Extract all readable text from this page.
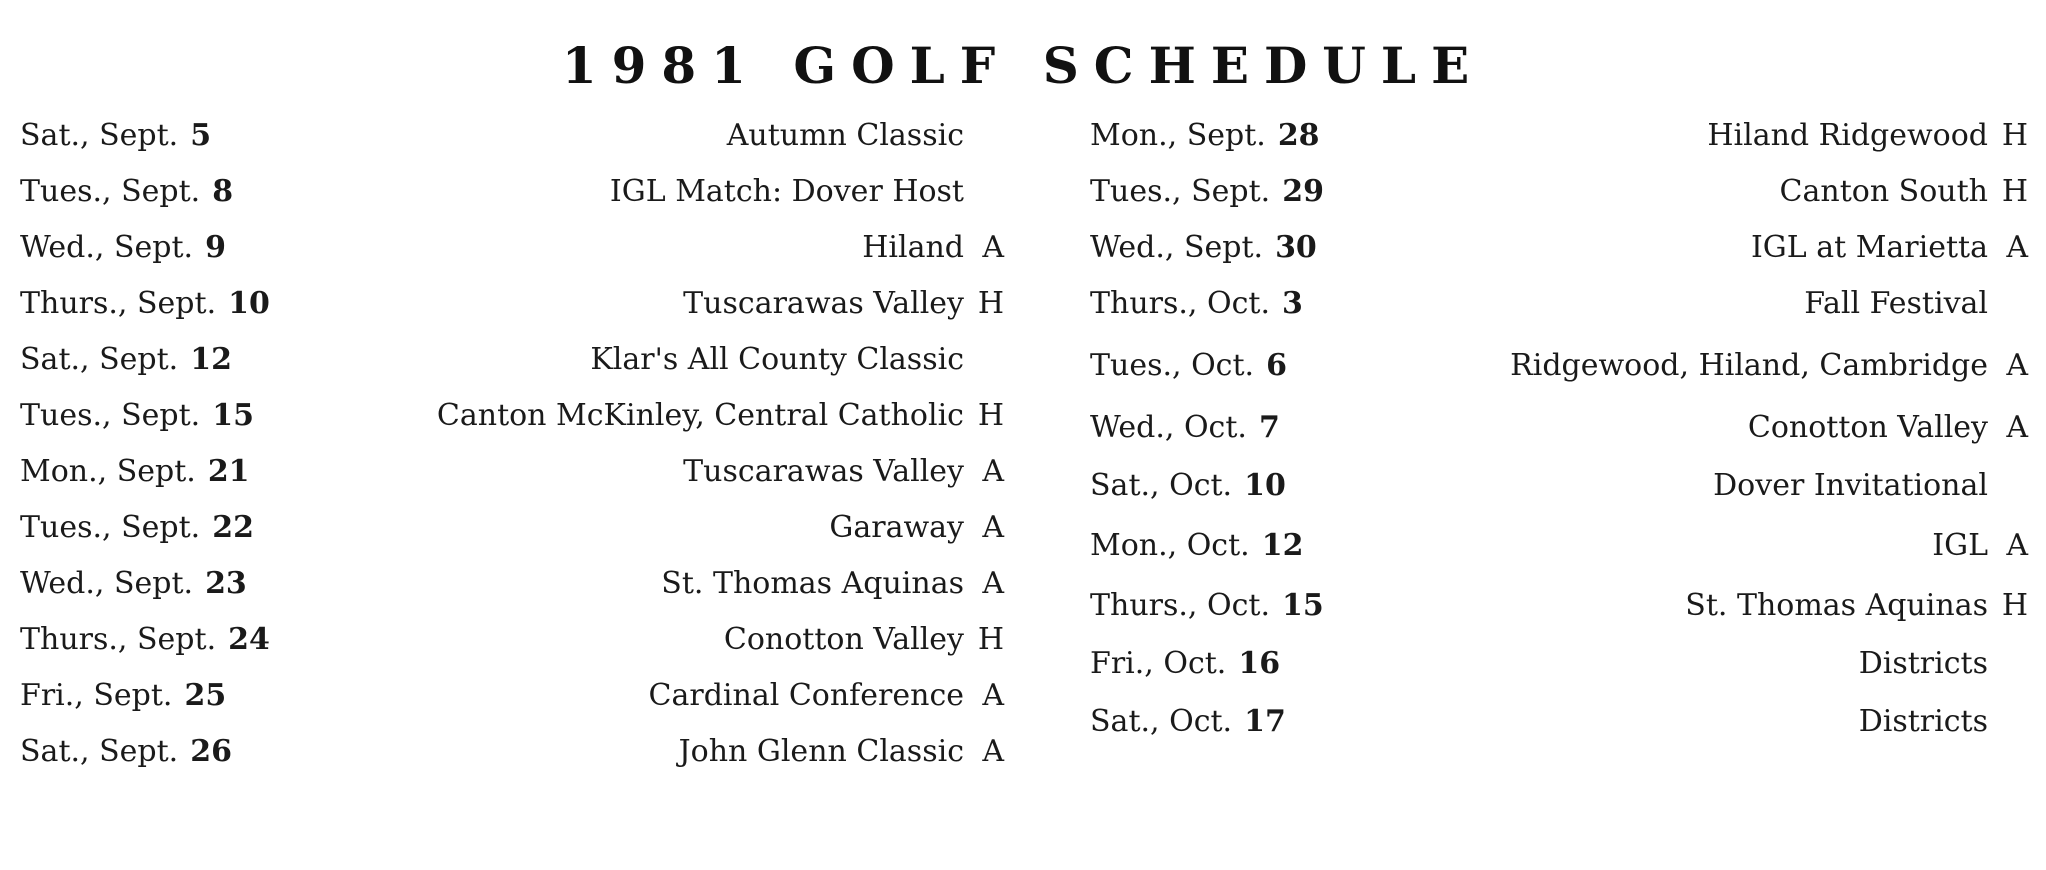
1981 GOLF SCHEDULE
Sat., Sept. 5	Autumn Classic
Tues., Sept. 8	IGL Match: Dover Host
Wed., Sept. 9	Hiland A
Thurs., Sept. 10	Tuscarawas Valley H
Sat., Sept. 12	Klar's All County Classic
Tues., Sept. 15	Canton McKinley, Central Catholic H
Mon., Sept. 21	Tuscarawas Valley A
Tues., Sept. 22	Garaway A
Wed., Sept. 23	St. Thomas Aquinas A
Thurs., Sept. 24	Conotton Valley H
Fri., Sept. 25	Cardinal Conference A
Sat., Sept. 26	John Glenn Classic A
Mon., Sept. 28	Hiland Ridgewood H
Tues., Sept. 29	Canton South H
Wed., Sept. 30	IGL at Marietta A
Thurs., Oct. 3	Fall Festival
Tues., Oct. 6	Ridgewood, Hiland, Cambridge A
Wed., Oct. 7	Conotton Valley A
Sat., Oct. 10	Dover Invitational
Mon., Oct. 12	IGL A
Thurs., Oct. 15	St. Thomas Aquinas H
Fri., Oct. 16	Districts
Sat., Oct. 17	Districts
